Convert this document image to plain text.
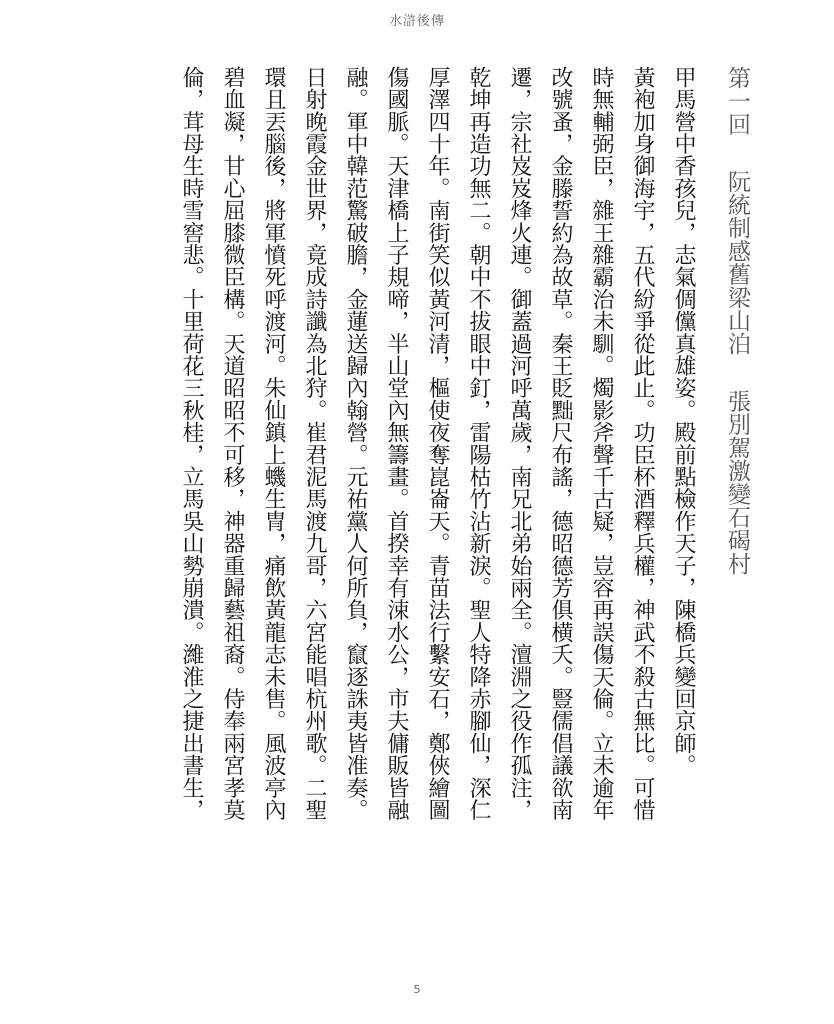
水滸後傳
第一回阮統制感舊梁山泊張別駕激變石碣村
甲馬營中香孩兒，志氣倜儻真雄姿。殿前點檢作天子，陳橋兵變回京師。
黃袍加身御海宇，五代紛爭從此止。功臣杯酒釋兵權，神武不殺古無比。可惜
時無輔弼臣，雜王雜霸治未馴。燭影斧聲千古疑，豈容再誤傷天倫。立未逾年
改號蚤，金滕誓約為故草。秦王貶黜尺布謠，德昭德芳俱横夭。豎儒倡議欲南
遷，宗社岌岌烽火連。御蓋過河呼萬歲，南兄北弟始兩全。澶淵之役作孤注，
乾坤再造功無二。朝中不拔眼中釘，雷陽枯竹沾新淚。聖人特降赤腳仙，深仁
厚澤四十年。南街笑似黃河清，樞使夜奪崑崙天。青苗法行繫安石，鄭俠繪圖
傷國脈。天津橋上子規啼，半山堂內無籌畫。首揆幸有涑水公，市夫傭販皆融
融。軍中韓范驚破膽，金蓮送歸內翰營。元祐黨人何所負，竄逐誅夷皆准奏。
日射晚霞金世界，竟成詩讖為北狩。崔君泥馬渡九哥，六宮能唱杭州歌。二聖
環且丟腦後，將軍憤死呼渡河。朱仙鎮上蟣生冑，痛飲黃龍志未售。風波亭內
碧血凝，甘心屈膝微臣構。天道昭昭不可移，神器重歸藝祖裔。侍奉兩宮孝莫
倫，茸母生時雪窖悲。十里荷花三秋桂，立馬吳山勢崩潰。濰淮之捷出書生，
5
